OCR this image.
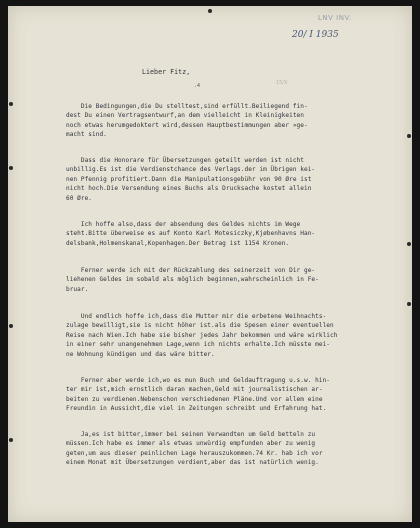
LNV INV.
20/ I 1935
15/X
Lieber Fitz,
.4
Die Bedingungen,die Du stelltest,sind erfüllt.Beiliegend fin-
dest Du einen Vertragsentwurf,an dem vielleicht in Kleinigkeiten
noch etwas herumgedoktert wird,dessen Hauptbestimmungen aber »ge-
macht sind.
Dass die Honorare für Übersetzungen geteilt werden ist nicht
unbillig.Es ist die Verdienstchance des Verlags.der im Übrigen kei-
nen Pfennig profitiert.Dann die Manipulationsgebühr von 90 Øre ist
nicht hoch.Die Versendung eines Buchs als Drucksache kostet allein
60 Øre.
Ich hoffe also,dass der absendung des Geldes nichts im Wege
steht.Bitte überweise es auf Konto Karl Motesiczky,Kjøbenhavns Han-
delsbank,Holmenskanal,Kopenhagen.Der Betrag ist 1154 Kronen.
Ferner werde ich mit der Rückzahlung des seinerzeit von Dir ge-
liehenen Geldes im sobald als möglich beginnen,wahrscheinlich in Fe-
bruar.
Und endlich hoffe ich,dass die Mutter mir die erbetene Weihnachts-
zulage bewilligt,sie is nicht höher ist.als die Spesen einer eventuellen
Reise nach Wien.Ich habe sie bisher jedes Jahr bekommen und wäre wirklich
in einer sehr unangenehmen Lage,wenn ich nichts erhalte.Ich müsste mei-
ne Wohnung kündigen und das wäre bitter.
Ferner aber werde ich,wo es mun Buch und Geldauftragung u.s.w. hin-
ter mir ist,mich ernstlich daran machen,Geld mit journalistischen ar-
beiten zu verdienen.Nebenschon verschiedenen Pläne.Und vor allem eine
Freundin in Aussicht,die viel in Zeitungen schreibt und Erfahrung hat.
Ja,es ist bitter,immer bei seinen Verwandten um Geld betteln zu
müssen.Ich habe es immer als etwas unwürdig empfunden aber zu wenig
geten,um aus dieser peinlichen Lage herauszukommen.74 Kr. hab ich vor
einem Monat mit Übersetzungen verdient,aber das ist natürlich wenig.
